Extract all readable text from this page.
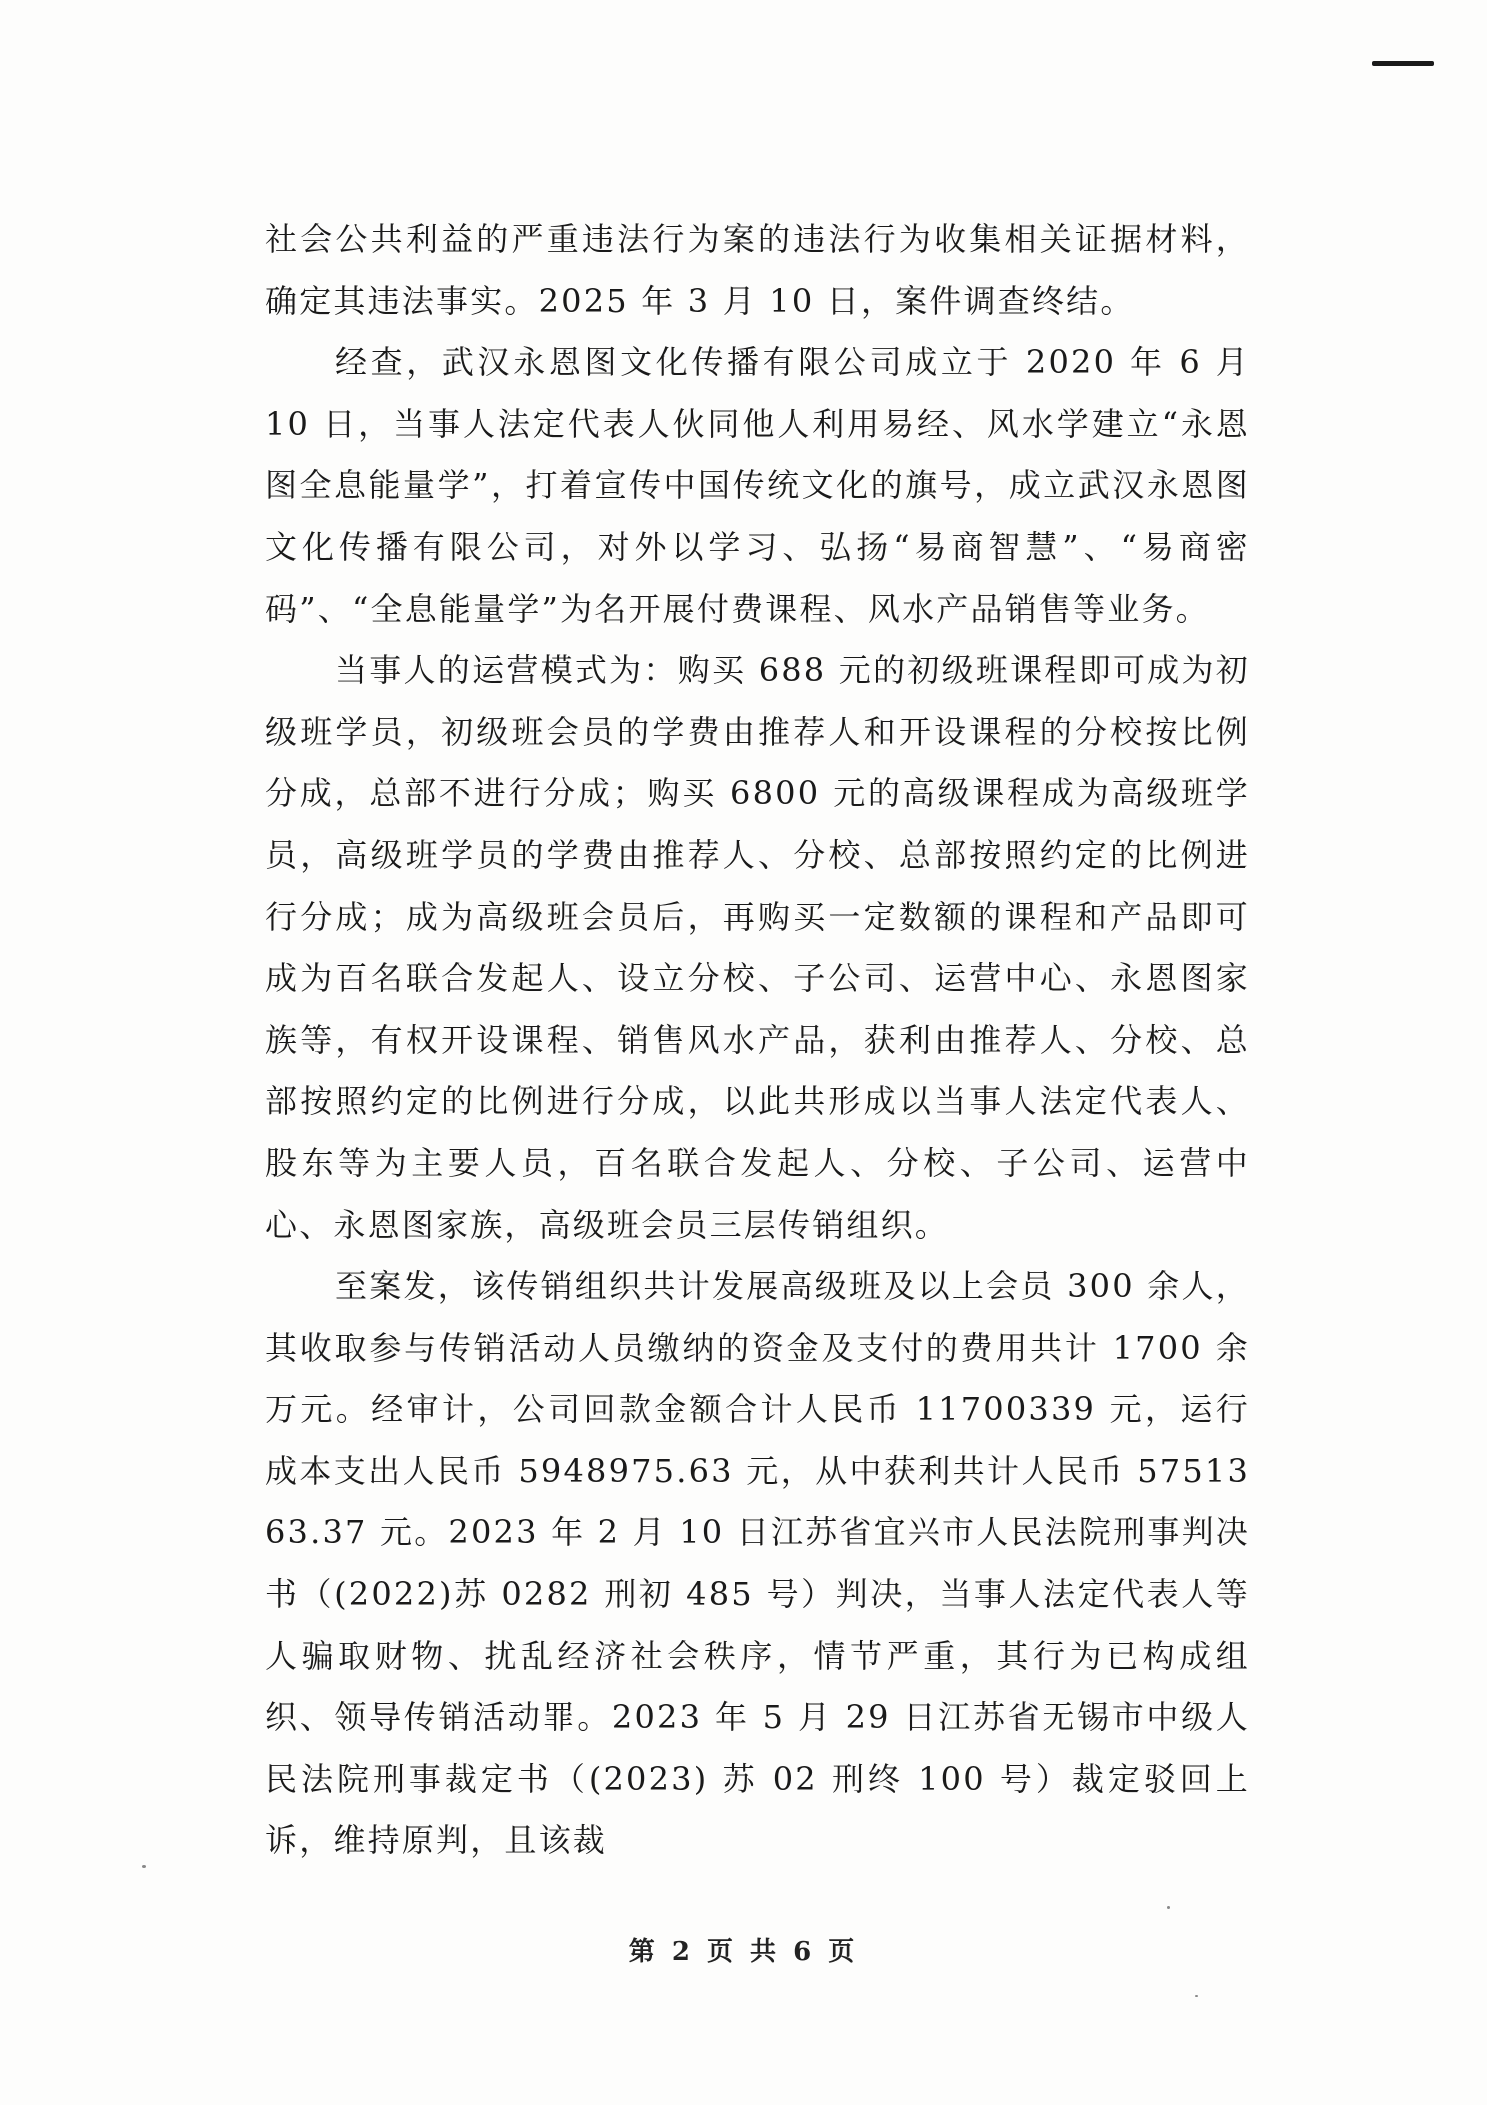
社会公共利益的严重违法行为案的违法行为收集相关证据材料，确定其违法事实。2025 年 3 月 10 日，案件调查终结。

经查，武汉永恩图文化传播有限公司成立于 2020 年 6 月 10 日，当事人法定代表人伙同他人利用易经、风水学建立“永恩图全息能量学”，打着宣传中国传统文化的旗号，成立武汉永恩图文化传播有限公司，对外以学习、弘扬“易商智慧”、“易商密码”、“全息能量学”为名开展付费课程、风水产品销售等业务。

当事人的运营模式为：购买 688 元的初级班课程即可成为初级班学员，初级班会员的学费由推荐人和开设课程的分校按比例分成，总部不进行分成；购买 6800 元的高级课程成为高级班学员，高级班学员的学费由推荐人、分校、总部按照约定的比例进行分成；成为高级班会员后，再购买一定数额的课程和产品即可成为百名联合发起人、设立分校、子公司、运营中心、永恩图家族等，有权开设课程、销售风水产品，获利由推荐人、分校、总部按照约定的比例进行分成，以此共形成以当事人法定代表人、股东等为主要人员，百名联合发起人、分校、子公司、运营中心、永恩图家族，高级班会员三层传销组织。

至案发，该传销组织共计发展高级班及以上会员 300 余人，其收取参与传销活动人员缴纳的资金及支付的费用共计 1700 余万元。经审计，公司回款金额合计人民币 11700339 元，运行成本支出人民币 5948975.63 元，从中获利共计人民币 5751363.37 元。2023 年 2 月 10 日江苏省宜兴市人民法院刑事判决书（(2022)苏 0282 刑初 485 号）判决，当事人法定代表人等人骗取财物、扰乱经济社会秩序，情节严重，其行为已构成组织、领导传销活动罪。2023 年 5 月 29 日江苏省无锡市中级人民法院刑事裁定书（(2023) 苏 02 刑终 100 号）裁定驳回上诉，维持原判，且该裁

第 2 页 共 6 页
